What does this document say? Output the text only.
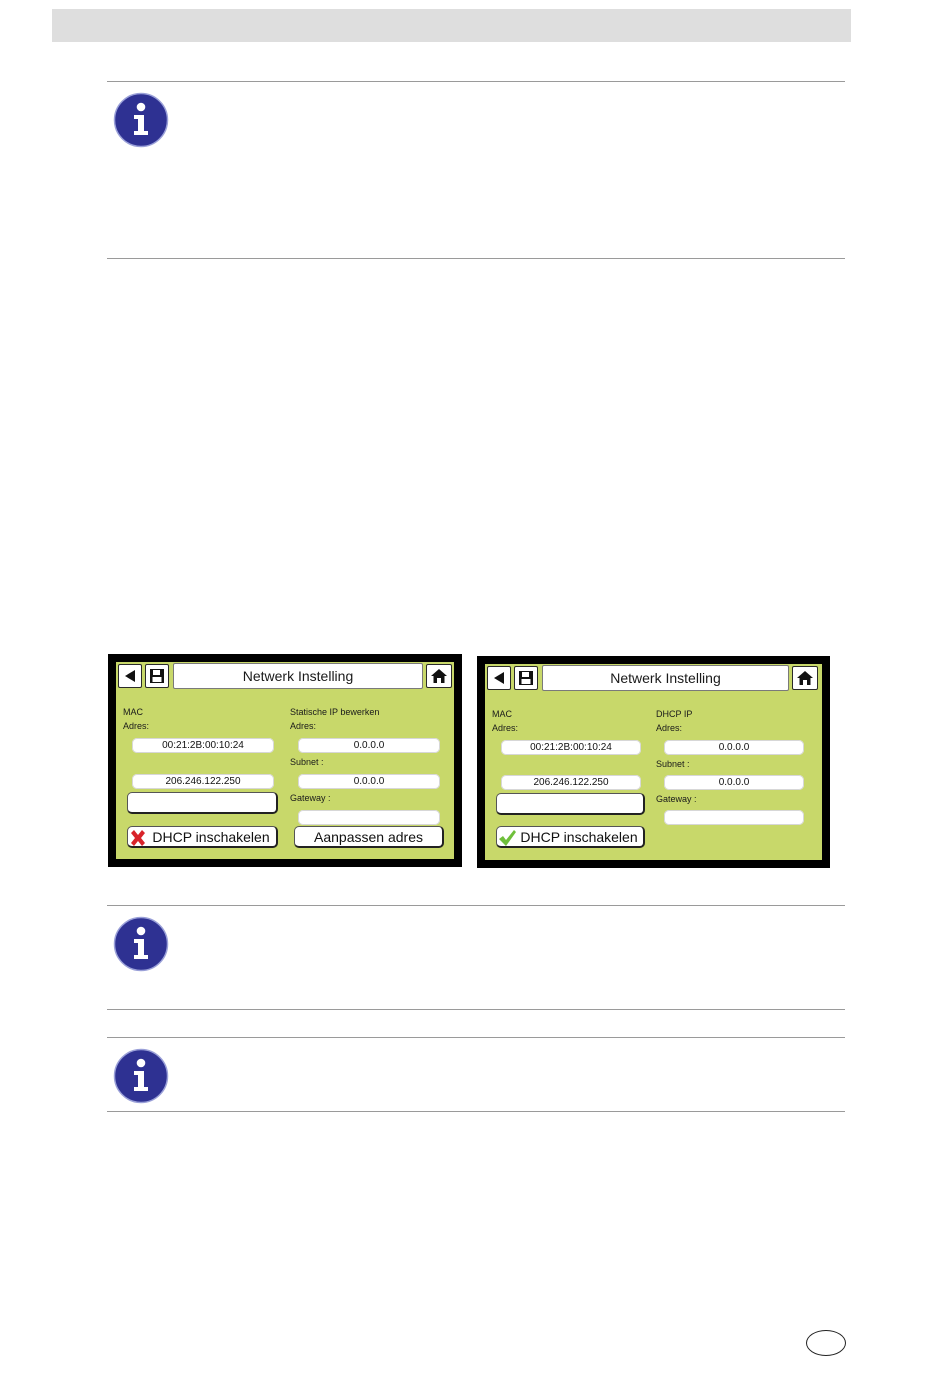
Netwerk Instelling
MAC
Adres:
00:21:2B:00:10:24
206.246.122.250
Statische IP bewerken
Adres:
0.0.0.0
Subnet :
0.0.0.0
Gateway :
DHCP inschakelen	Aanpassen adres
Netwerk Instelling
MAC
Adres:
00:21:2B:00:10:24
206.246.122.250
DHCP IP
Adres:
0.0.0.0
Subnet :
0.0.0.0
Gateway :
DHCP inschakelen
